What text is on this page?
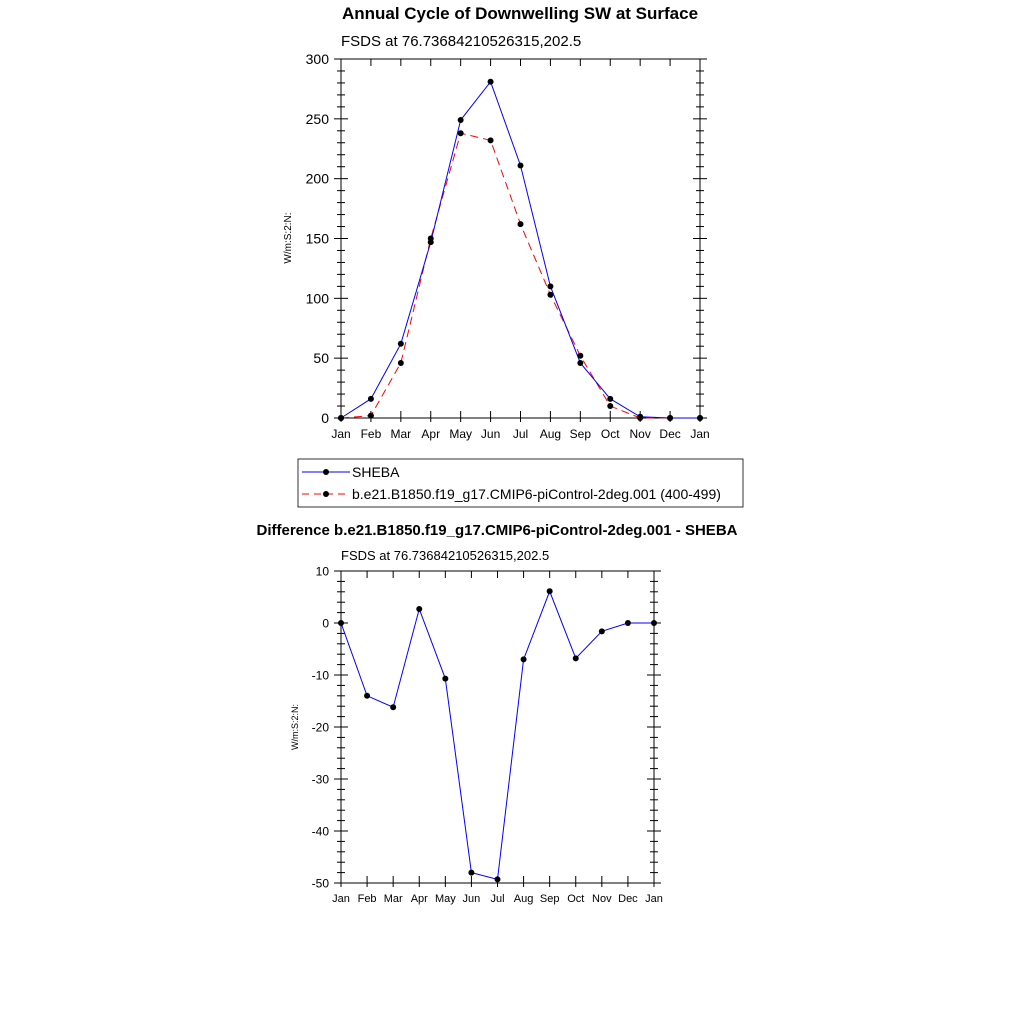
Annual Cycle of Downwelling SW at Surface
FSDS at 76.73684210526315,202.5
W/m:S:2:N:
0
50
100
150
200
250
300
Jan Feb Mar Apr May Jun Jul Aug Sep Oct Nov Dec Jan
SHEBA
b.e21.B1850.f19_g17.CMIP6-piControl-2deg.001 (400-499)
Difference b.e21.B1850.f19_g17.CMIP6-piControl-2deg.001 - SHEBA
FSDS at 76.73684210526315,202.5
W/m:S:2:N:
10
0
-10
-20
-30
-40
-50
Jan Feb Mar Apr May Jun Jul Aug Sep Oct Nov Dec Jan
